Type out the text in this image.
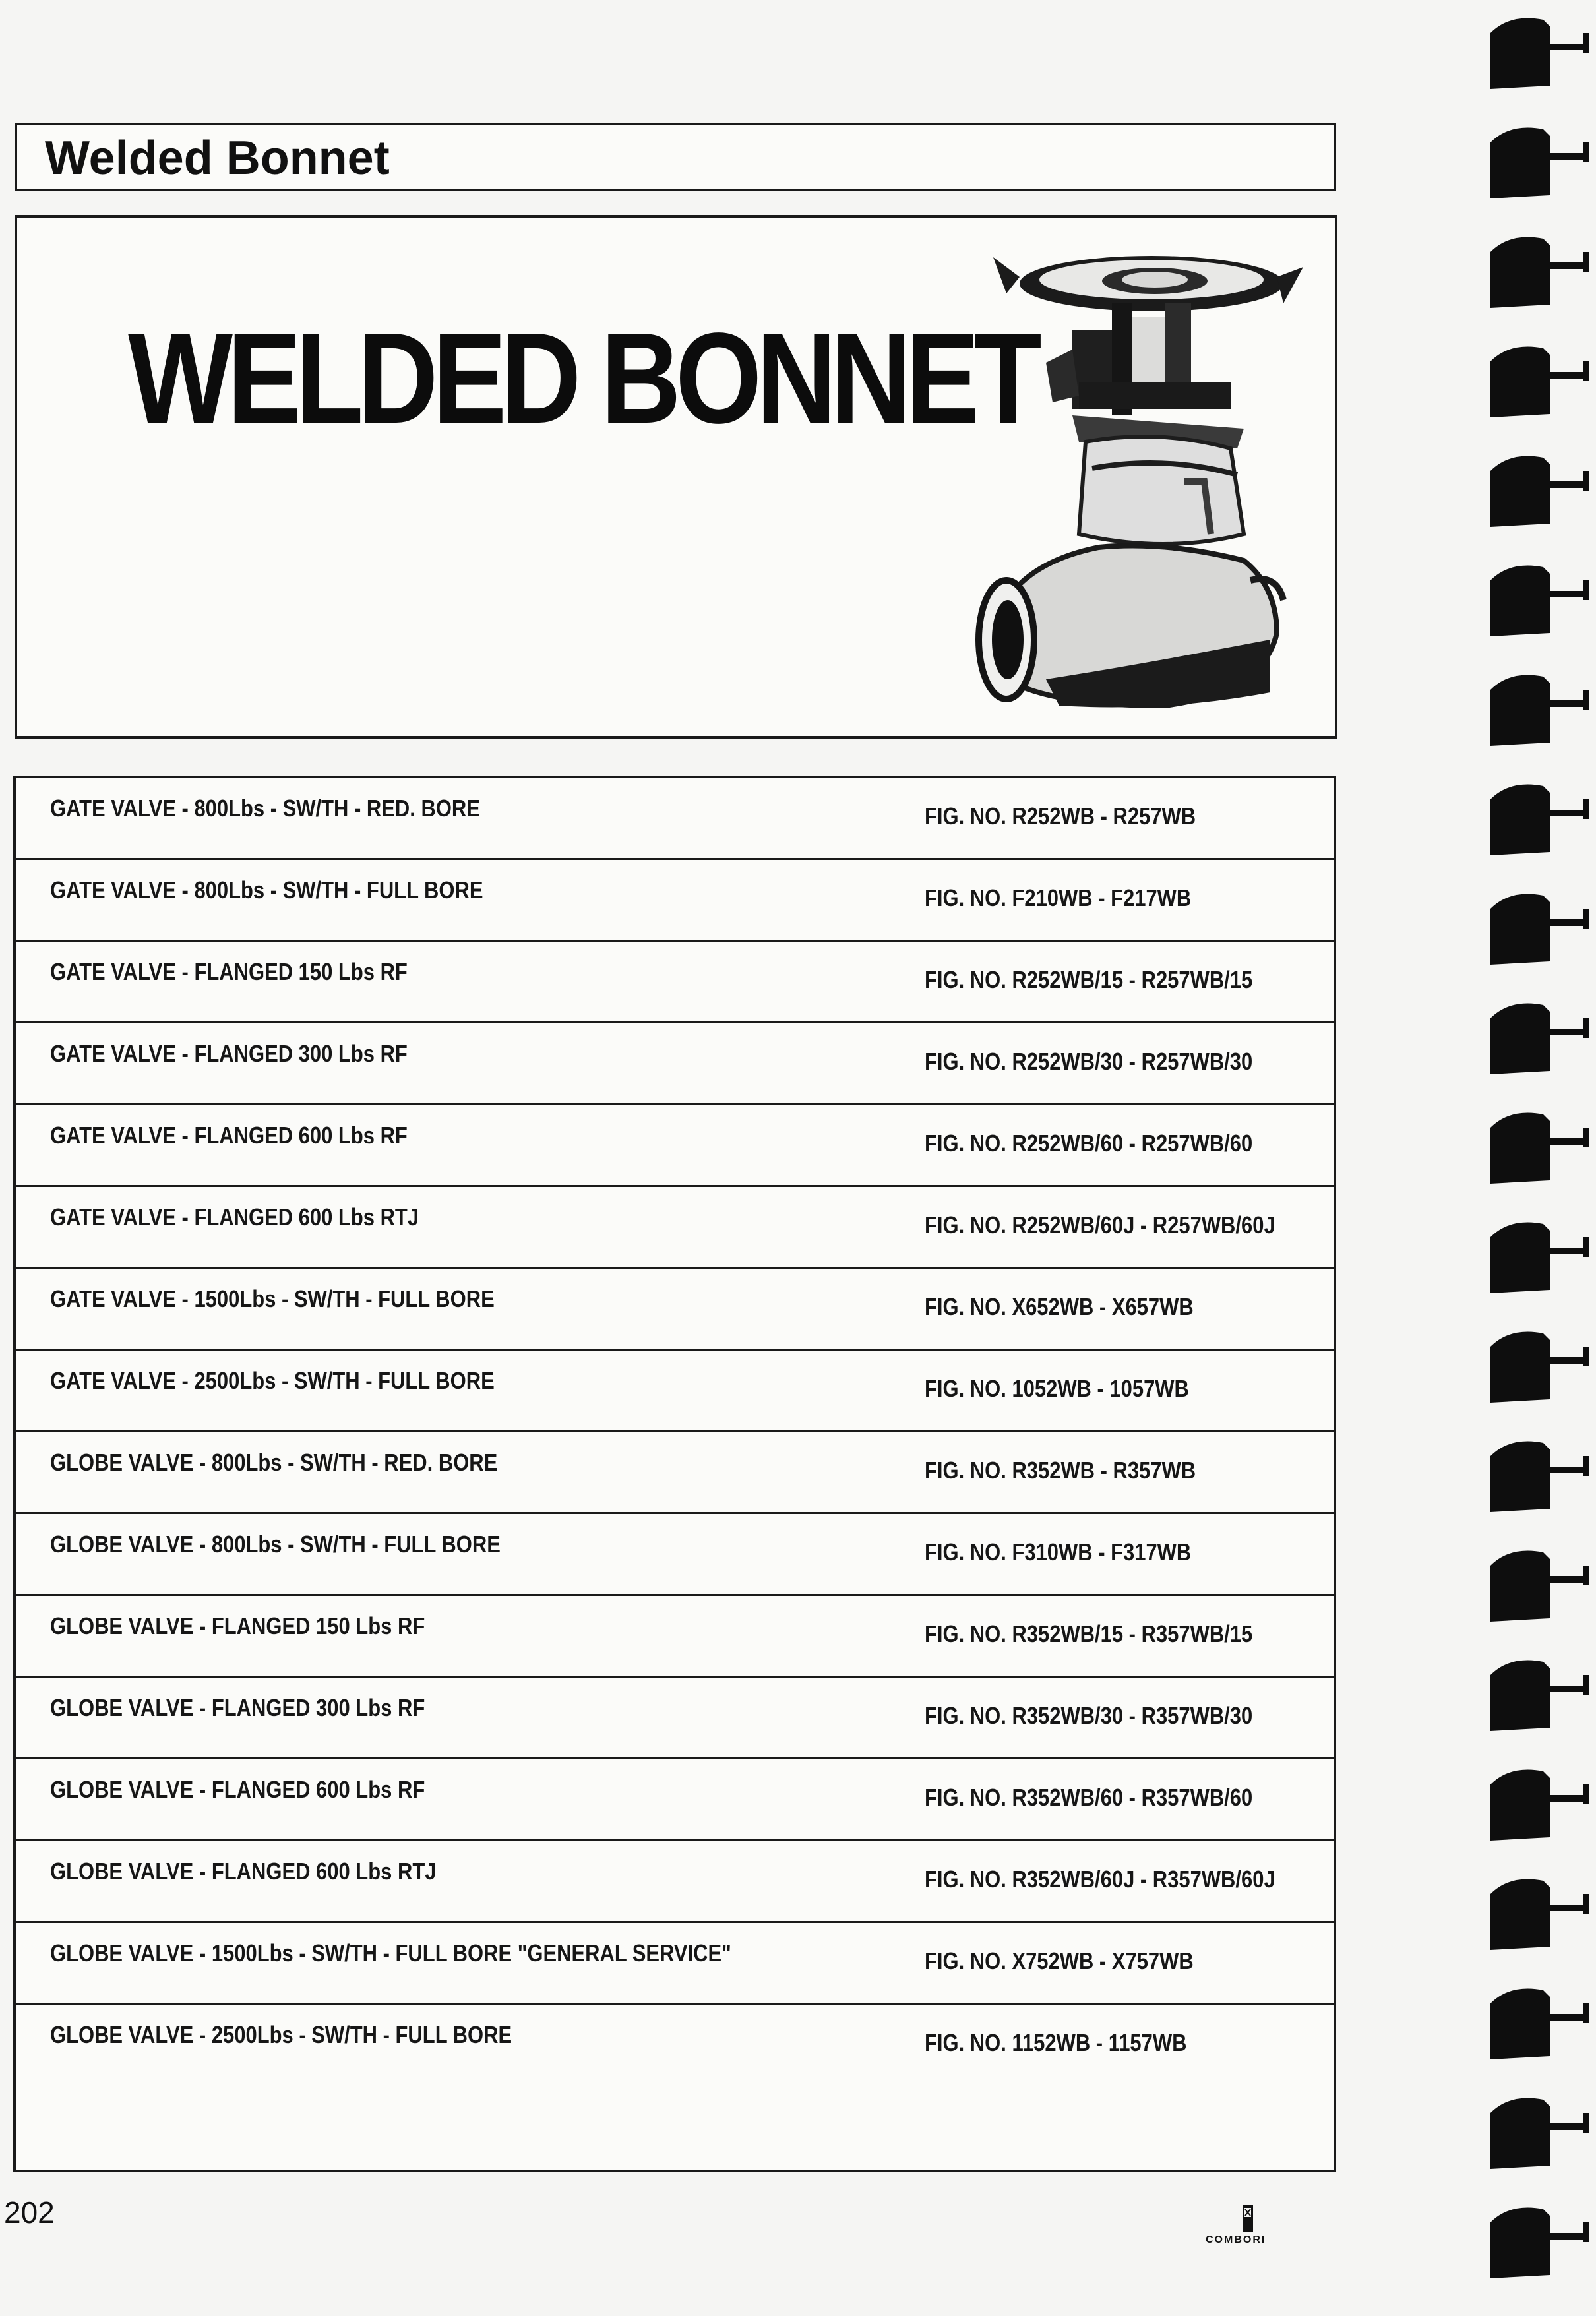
Welded Bonnet
WELDED BONNET
GATE VALVE - 800Lbs - SW/TH - RED. BORE	FIG. NO. R252WB - R257WB
GATE VALVE - 800Lbs - SW/TH - FULL BORE	FIG. NO. F210WB - F217WB
GATE VALVE - FLANGED 150 Lbs RF	FIG. NO. R252WB/15 - R257WB/15
GATE VALVE - FLANGED 300 Lbs RF	FIG. NO. R252WB/30 - R257WB/30
GATE VALVE - FLANGED 600 Lbs RF	FIG. NO. R252WB/60 - R257WB/60
GATE VALVE - FLANGED 600 Lbs RTJ	FIG. NO. R252WB/60J - R257WB/60J
GATE VALVE - 1500Lbs - SW/TH - FULL BORE	FIG. NO. X652WB - X657WB
GATE VALVE - 2500Lbs - SW/TH - FULL BORE	FIG. NO. 1052WB - 1057WB
GLOBE VALVE - 800Lbs - SW/TH - RED. BORE	FIG. NO. R352WB - R357WB
GLOBE VALVE - 800Lbs - SW/TH - FULL BORE	FIG. NO. F310WB - F317WB
GLOBE VALVE - FLANGED 150 Lbs RF	FIG. NO. R352WB/15 - R357WB/15
GLOBE VALVE - FLANGED 300 Lbs RF	FIG. NO. R352WB/30 - R357WB/30
GLOBE VALVE - FLANGED 600 Lbs RF	FIG. NO. R352WB/60 - R357WB/60
GLOBE VALVE - FLANGED 600 Lbs RTJ	FIG. NO. R352WB/60J - R357WB/60J
GLOBE VALVE - 1500Lbs - SW/TH - FULL BORE "GENERAL SERVICE"	FIG. NO. X752WB - X757WB
GLOBE VALVE - 2500Lbs - SW/TH - FULL BORE	FIG. NO. 1152WB - 1157WB
202
COMBORI
